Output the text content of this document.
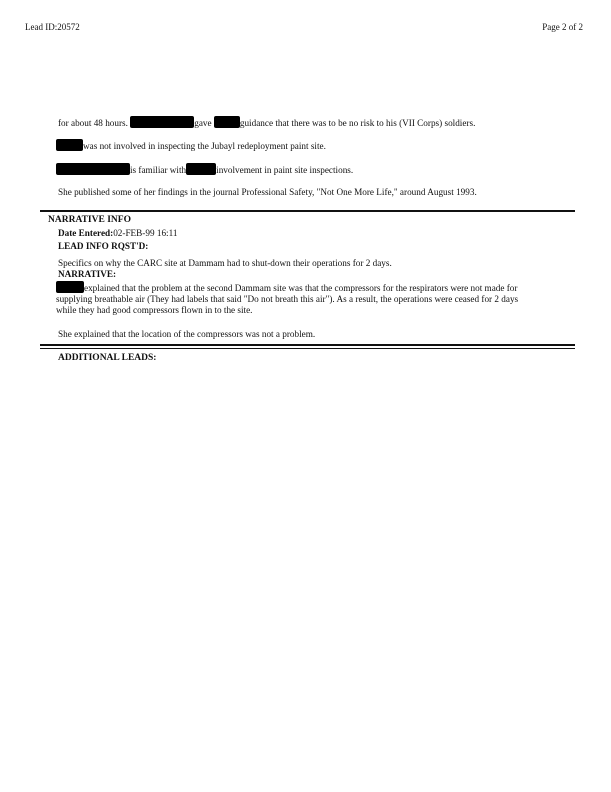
Lead ID:20572	Page 2 of 2
for about 48 hours.	gave	guidance that there was to be no risk to his (VII Corps) soldiers.
was not involved in inspecting the Jubayl redeployment paint site.
is familiar with	involvement in paint site inspections.
She published some of her findings in the journal Professional Safety, "Not One More Life," around August 1993.
NARRATIVE INFO
Date Entered:02-FEB-99 16:11
LEAD INFO RQST'D:
Specifics on why the CARC site at Dammam had to shut-down their operations for 2 days.
NARRATIVE:
explained that the problem at the second Dammam site was that the compressors for the respirators were not made for supplying breathable air (They had labels that said "Do not breath this air"). As a result, the operations were ceased for 2 days while they had good compressors flown in to the site.
She explained that the location of the compressors was not a problem.
ADDITIONAL LEADS:
